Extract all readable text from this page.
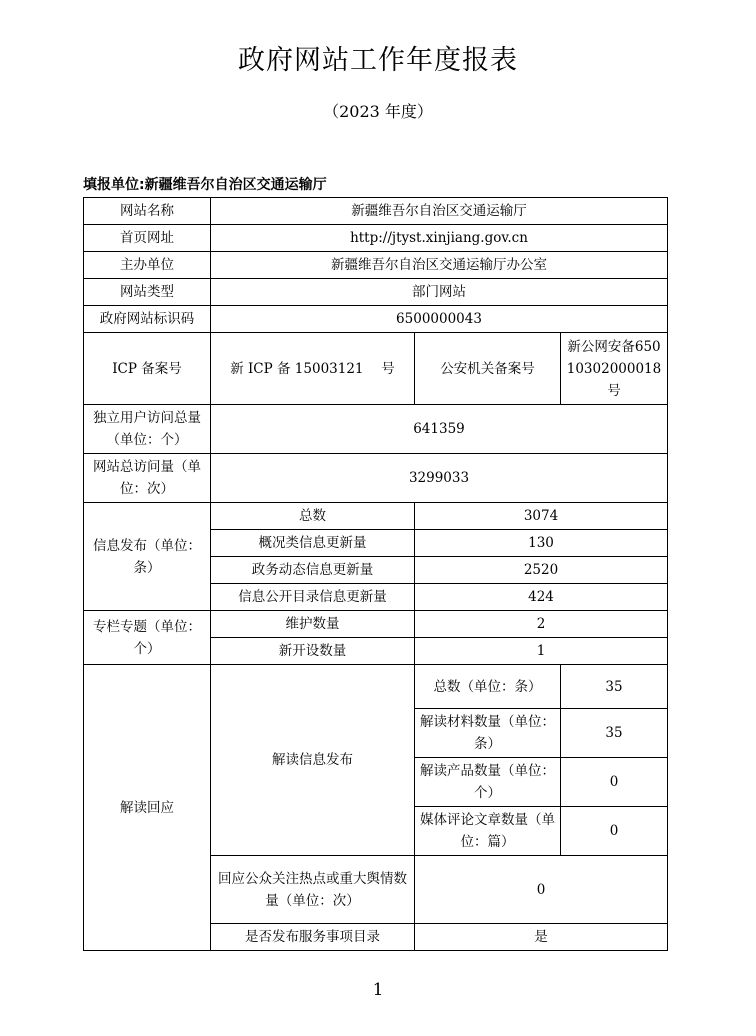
政府网站工作年度报表
（2023 年度）
填报单位:新疆维吾尔自治区交通运输厅
网站名称	新疆维吾尔自治区交通运输厅		
首页网址	http://jtyst.xinjiang.gov.cn		
主办单位	新疆维吾尔自治区交通运输厅办公室		
网站类型	部门网站		
政府网站标识码	6500000043		
ICP 备案号	新 ICP 备 15003121　 号	公安机关备案号	新公网安备65010302000018 号
独立用户访问总量（单位：个）	641359		
网站总访问量（单位：次）	3299033		
信息发布（单位：条）	总数	3074	
	概况类信息更新量	130	
	政务动态信息更新量	2520	
	信息公开目录信息更新量	424	
专栏专题（单位：个）	维护数量	2	
	新开设数量	1	
解读回应	解读信息发布	总数（单位：条）	35
		解读材料数量（单位：条）	35
		解读产品数量（单位：个）	0
		媒体评论文章数量（单位：篇）	0
	回应公众关注热点或重大舆情数量（单位：次）	0	
	是否发布服务事项目录	是	
1
